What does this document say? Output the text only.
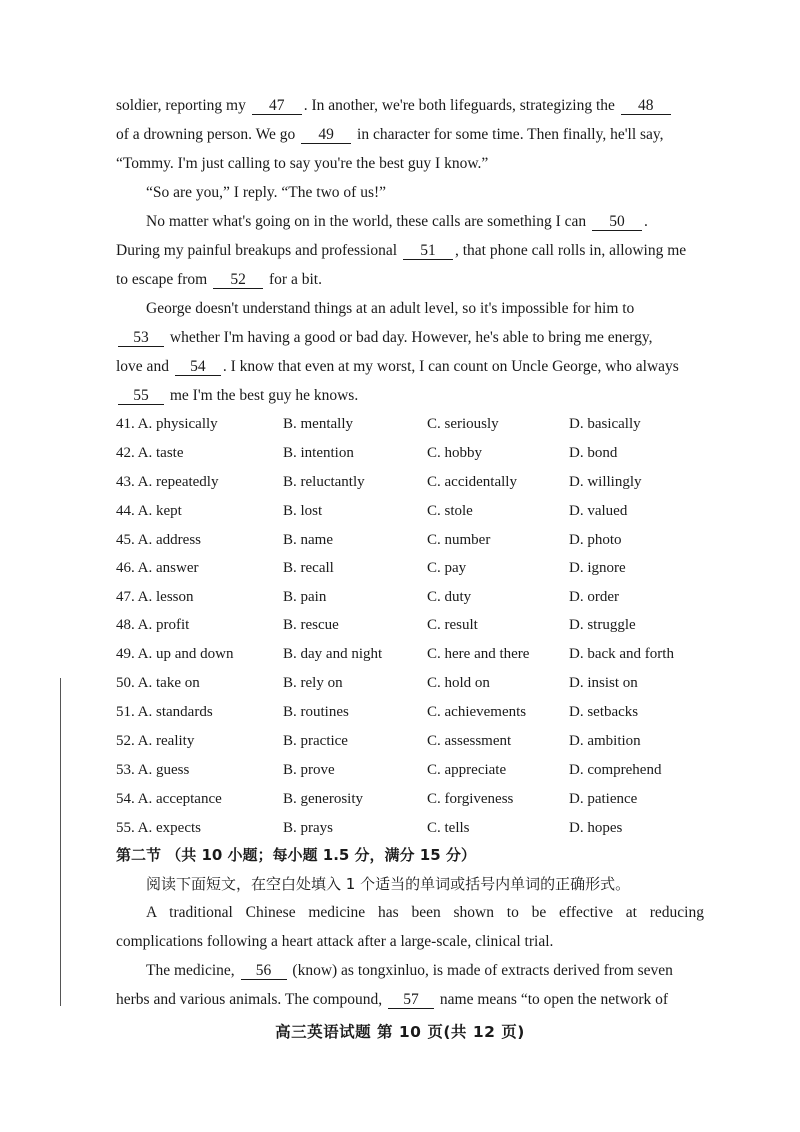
soldier, reporting my 47 . In another, we're both lifeguards, strategizing the 48
of a drowning person. We go 49 in character for some time. Then finally, he'll say,
“Tommy. I'm just calling to say you're the best guy I know.”
“So are you,” I reply. “The two of us!”
No matter what's going on in the world, these calls are something I can 50 .
During my painful breakups and professional 51 , that phone call rolls in, allowing me
to escape from 52 for a bit.
George doesn't understand things at an adult level, so it's impossible for him to
53 whether I'm having a good or bad day. However, he's able to bring me energy,
love and 54 . I know that even at my worst, I can count on Uncle George, who always
55 me I'm the best guy he knows.
41. A. physically	B. mentally	C. seriously	D. basically
42. A. taste	B. intention	C. hobby	D. bond
43. A. repeatedly	B. reluctantly	C. accidentally	D. willingly
44. A. kept	B. lost	C. stole	D. valued
45. A. address	B. name	C. number	D. photo
46. A. answer	B. recall	C. pay	D. ignore
47. A. lesson	B. pain	C. duty	D. order
48. A. profit	B. rescue	C. result	D. struggle
49. A. up and down	B. day and night	C. here and there	D. back and forth
50. A. take on	B. rely on	C. hold on	D. insist on
51. A. standards	B. routines	C. achievements	D. setbacks
52. A. reality	B. practice	C. assessment	D. ambition
53. A. guess	B. prove	C. appreciate	D. comprehend
54. A. acceptance	B. generosity	C. forgiveness	D. patience
55. A. expects	B. prays	C. tells	D. hopes
第二节 （共 10 小题；每小题 1.5 分，满分 15 分）
阅读下面短文，在空白处填入 1 个适当的单词或括号内单词的正确形式。
A traditional Chinese medicine has been shown to be effective at reducing
complications following a heart attack after a large-scale, clinical trial.
The medicine, 56 (know) as tongxinluo, is made of extracts derived from seven
herbs and various animals. The compound, 57 name means “to open the network of
高三英语试题 第 10 页(共 12 页)
